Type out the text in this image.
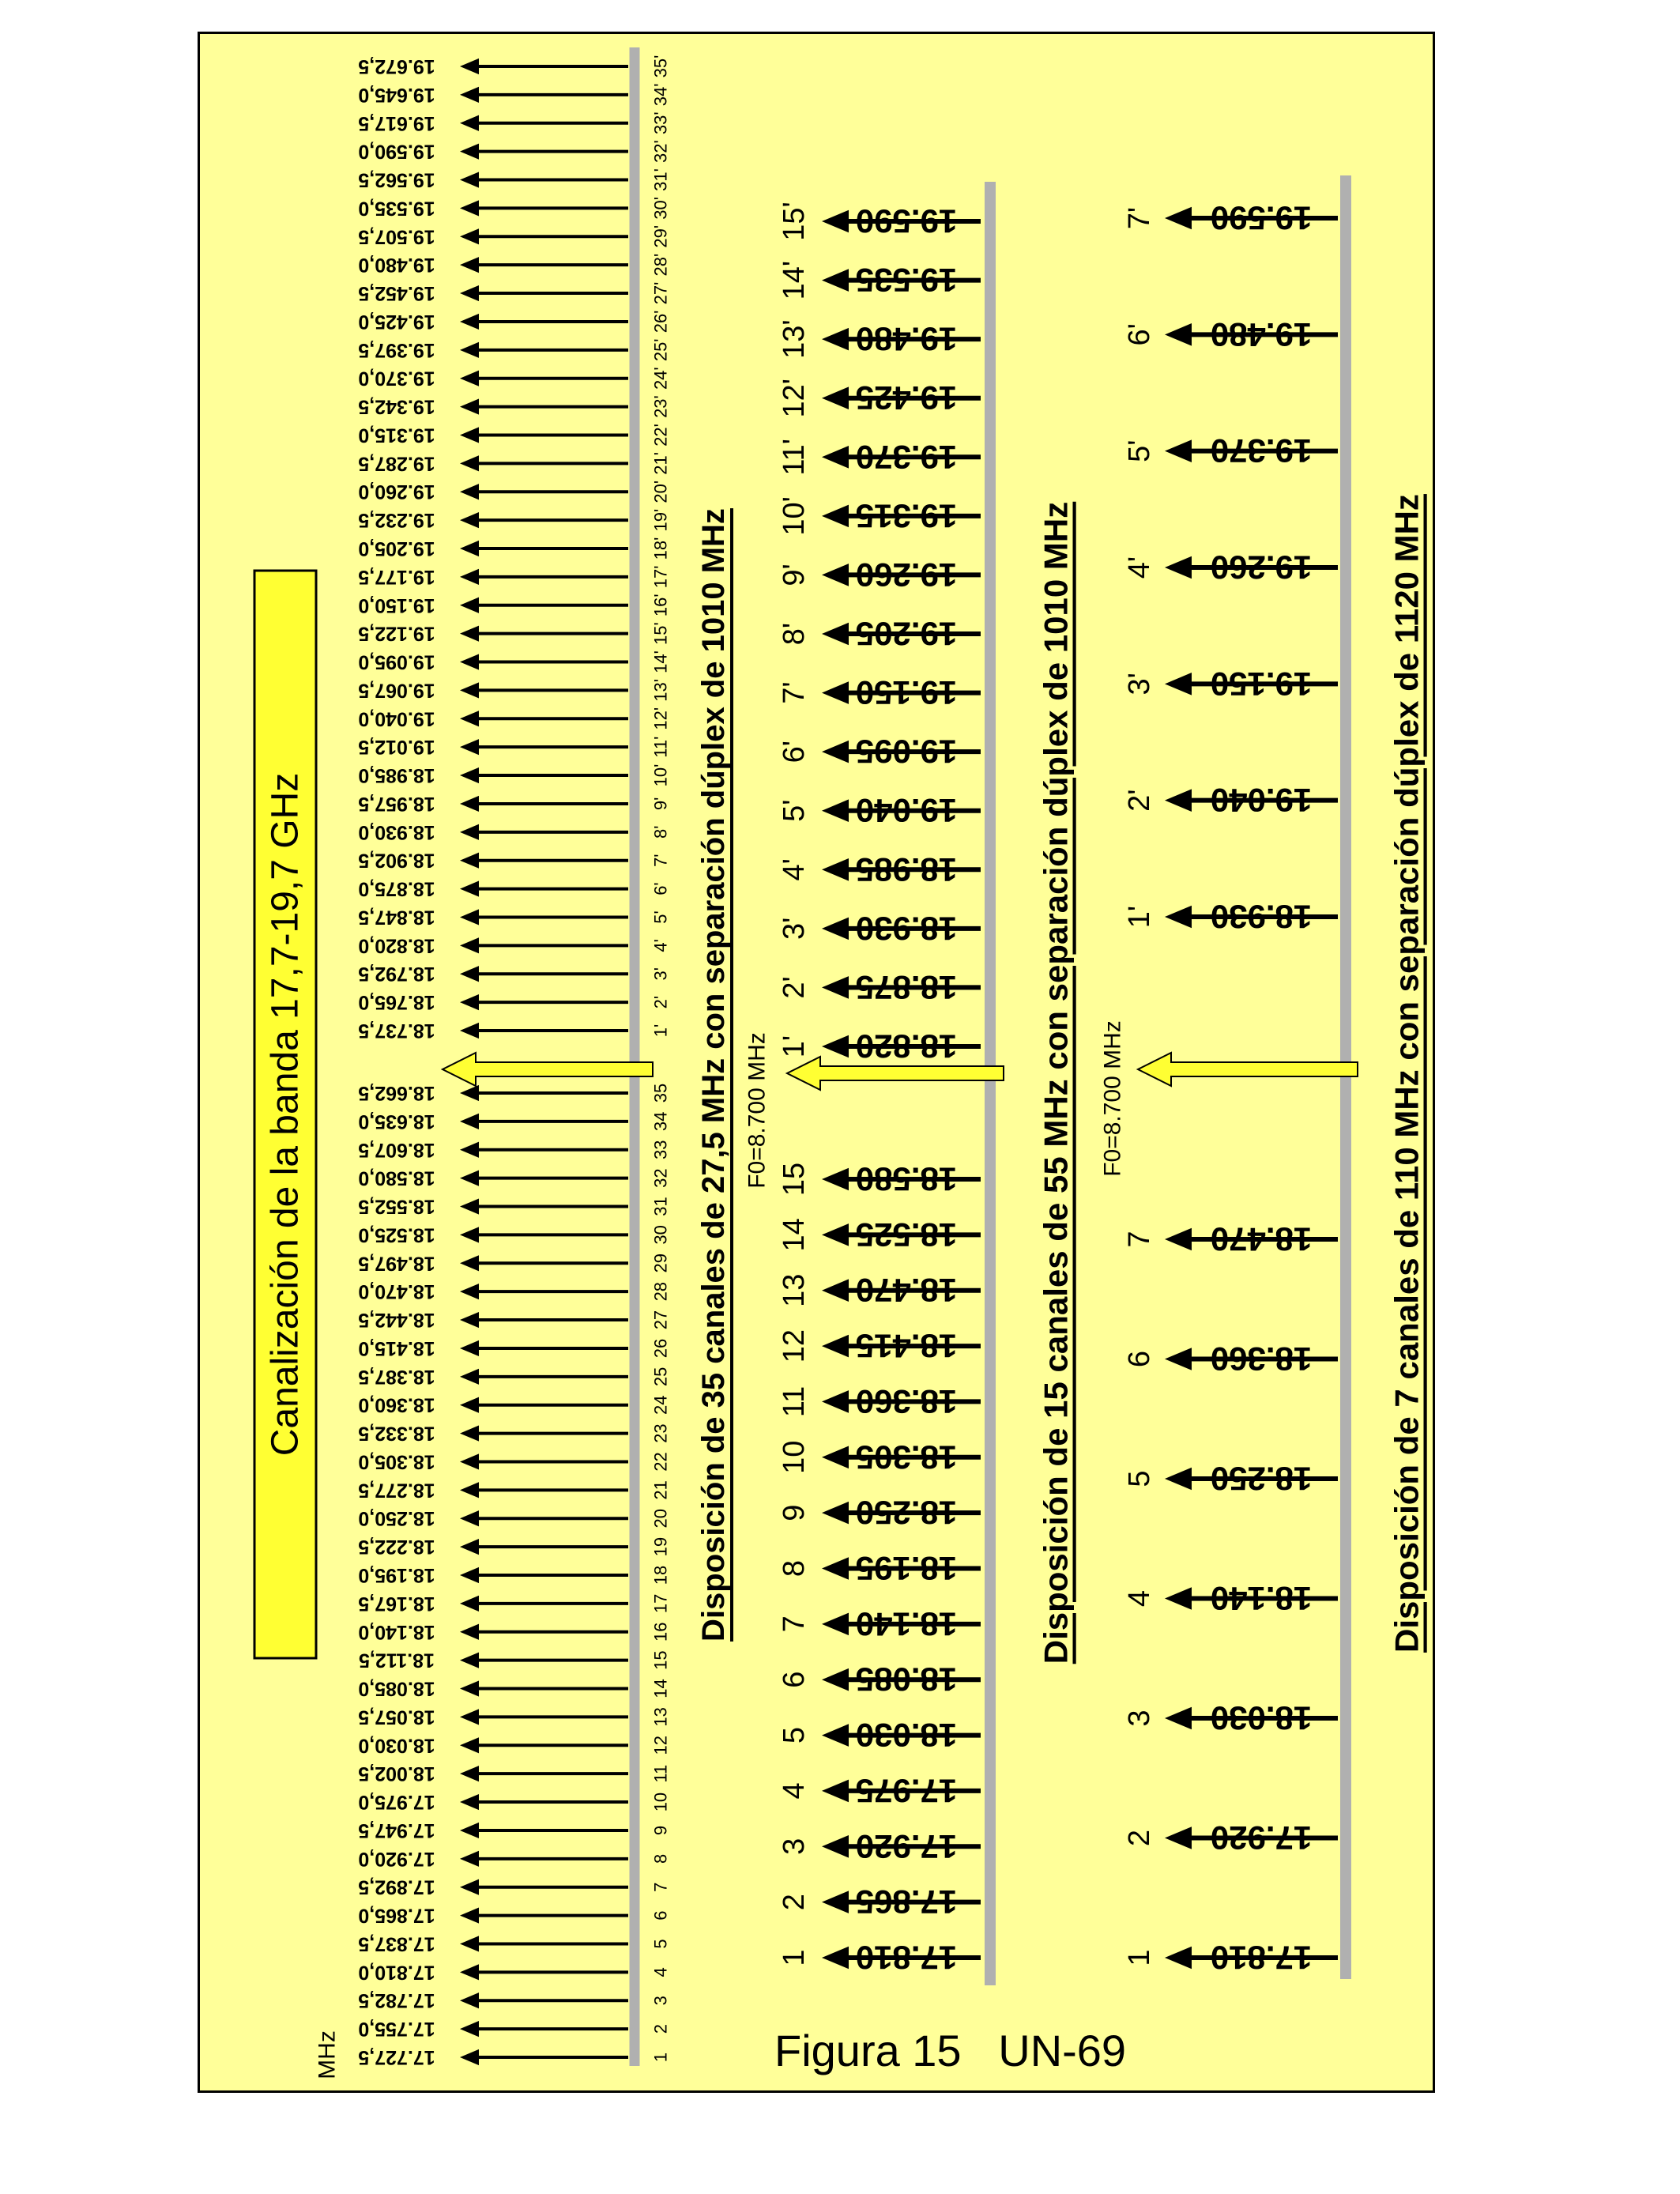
Canalización de la banda 17,7-19,7 GHz
MHz 17.727,5	1
17.755,0	2
17.782,5	3
17.810,0	4
17.837,5	5
17.865,0	6
17.892,5	7
17.920,0	8
17.947,5	9
17.975,0	10
18.002,5	11
18.030,0	12
18.057,5	13
18.085,0	14
18.112,5	15
18.140,0	16
18.167,5	17
18.195,0	18
18.222,5	19
18.250,0	20
18.277,5	21
18.305,0	22
18.332,5	23
18.360,0	24
18.387,5	25
18.415,0	26
18.442,5	27
18.470,0	28
18.497,5	29
18.525,0	30
18.552,5	31
18.580,0	32
18.607,5	33
18.635,0	34
18.662,5	35
18.737,5	1'
18.765,0	2'
18.792,5	3'
18.820,0	4'
18.847,5	5'
18.875,0	6'
18.902,5	7'
18.930,0	8'
18.957,5	9'
18.985,0	10'
19.012,5	11'
19.040,0	12'
19.067,5	13'
19.095,0	14'
19.122,5	15'
19.150,0	16'
19.177,5	17'
19.205,0	18'
19.232,5	19'
19.260,0	20'
19.287,5	21'
19.315,0	22'
19.342,5	23'
19.370,0	24'
19.397,5	25'
19.425,0	26'
19.452,5	27'
19.480,0	28'
19.507,5	29'
19.535,0	30'
19.562,5	31'
19.590,0	32'
19.617,5	33'
19.645,0	34'
19.672,5	35'
Disposición de 35 canales de 27,5 MHz con separación dúplex de 1010 MHz
17.810
1
17.865
2
17.920
3
17.975
4
18.030
5
18.085
6
18.140
7
18.195
8
18.250
9
18.305
10
18.360
11
18.415
12
18.470
13
18.525
14
18.580
15
18.820
1'
18.875
2'
18.930
3'
18.985
4'
19.040
5'
19.095
6'
19.150
7'
19.205
8'
19.260
9'
19.315
10'
19.370
11'
19.425
12'
19.480
13'
19.535
14'
19.590
15'
F0=8.700 MHz	Disposición de 15 canales de 55 MHz con separación dúplex de 1010 MHz
17.810
1
17.920
2
18.030
3
18.140
4
18.250
5
18.360
6
18.470
7
18.930
1'
19.040
2'
19.150
3'
19.260
4'
19.370
5'
19.480
6'
19.590
7'
F0=8.700 MHz	Disposición de 7 canales de 110 MHz con separación dúplex de 1120 MHz
Figura 15   UN-69
